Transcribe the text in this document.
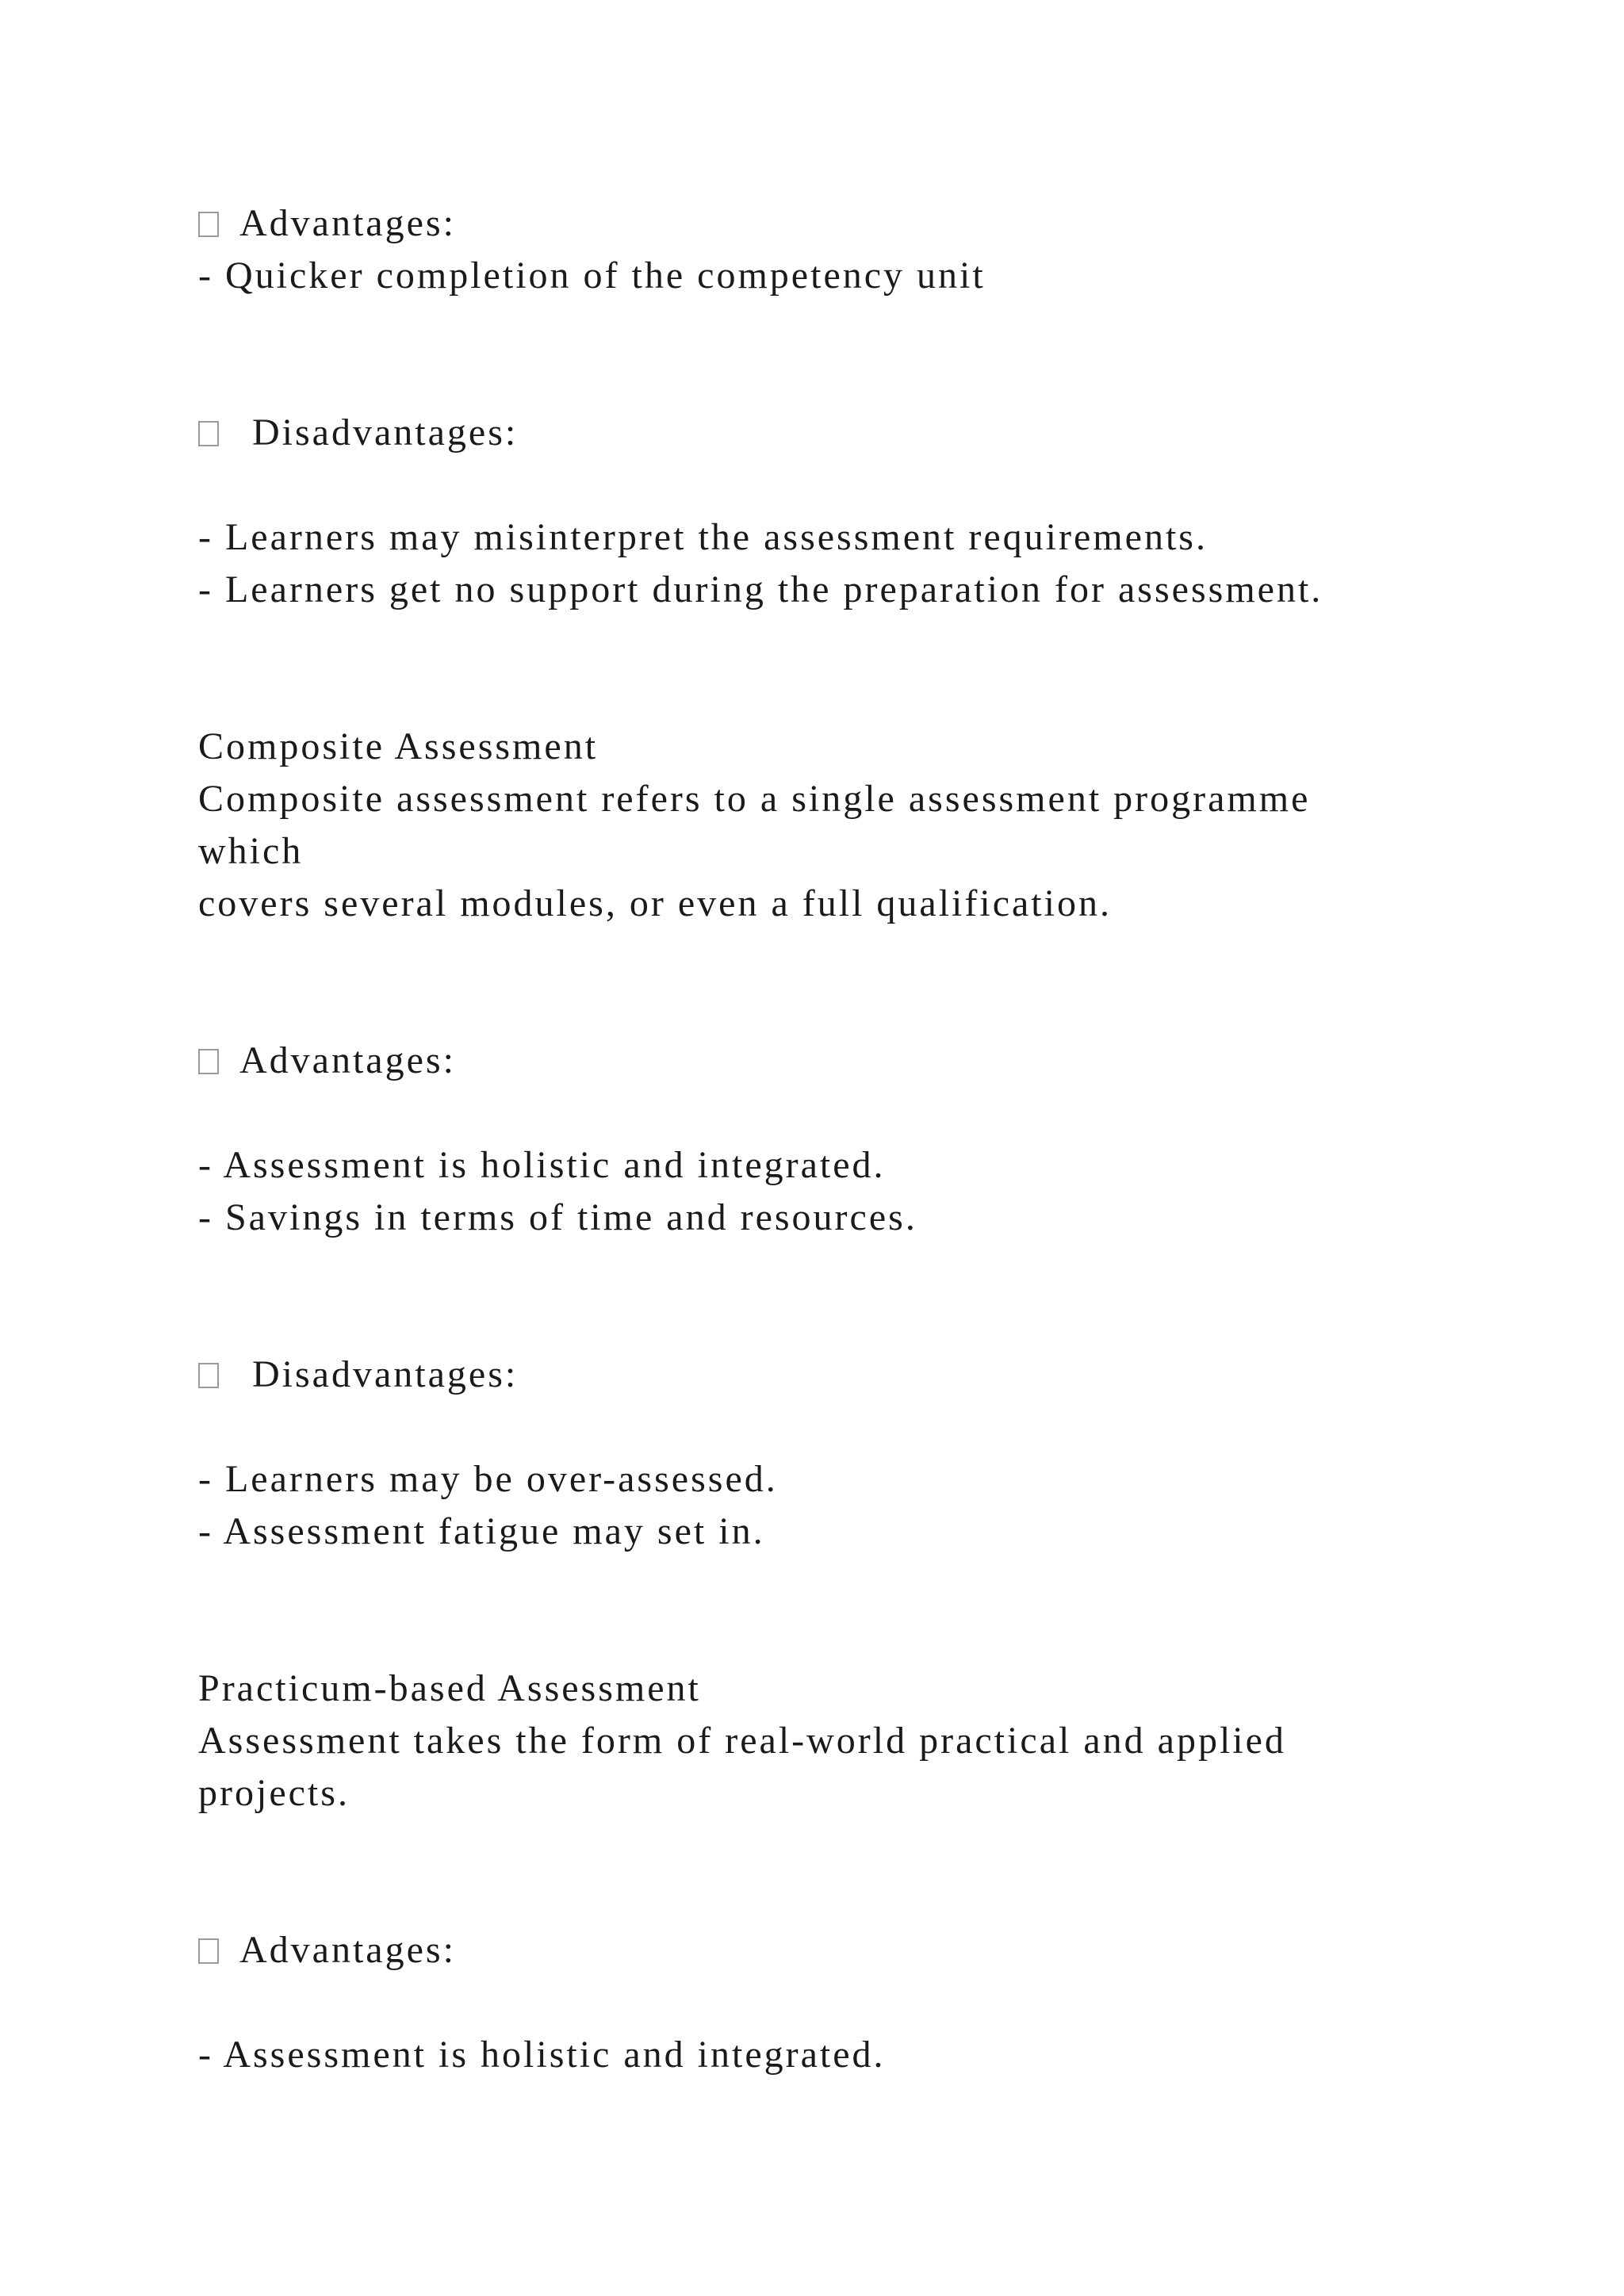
Advantages:
- Quicker completion of the competency unit
Disadvantages:
- Learners may misinterpret the assessment requirements.
- Learners get no support during the preparation for assessment.
Composite Assessment
Composite assessment refers to a single assessment programme
which
covers several modules, or even a full qualification.
Advantages:
- Assessment is holistic and integrated.
- Savings in terms of time and resources.
Disadvantages:
- Learners may be over-assessed.
- Assessment fatigue may set in.
Practicum-based Assessment
Assessment takes the form of real-world practical and applied
projects.
Advantages:
- Assessment is holistic and integrated.
